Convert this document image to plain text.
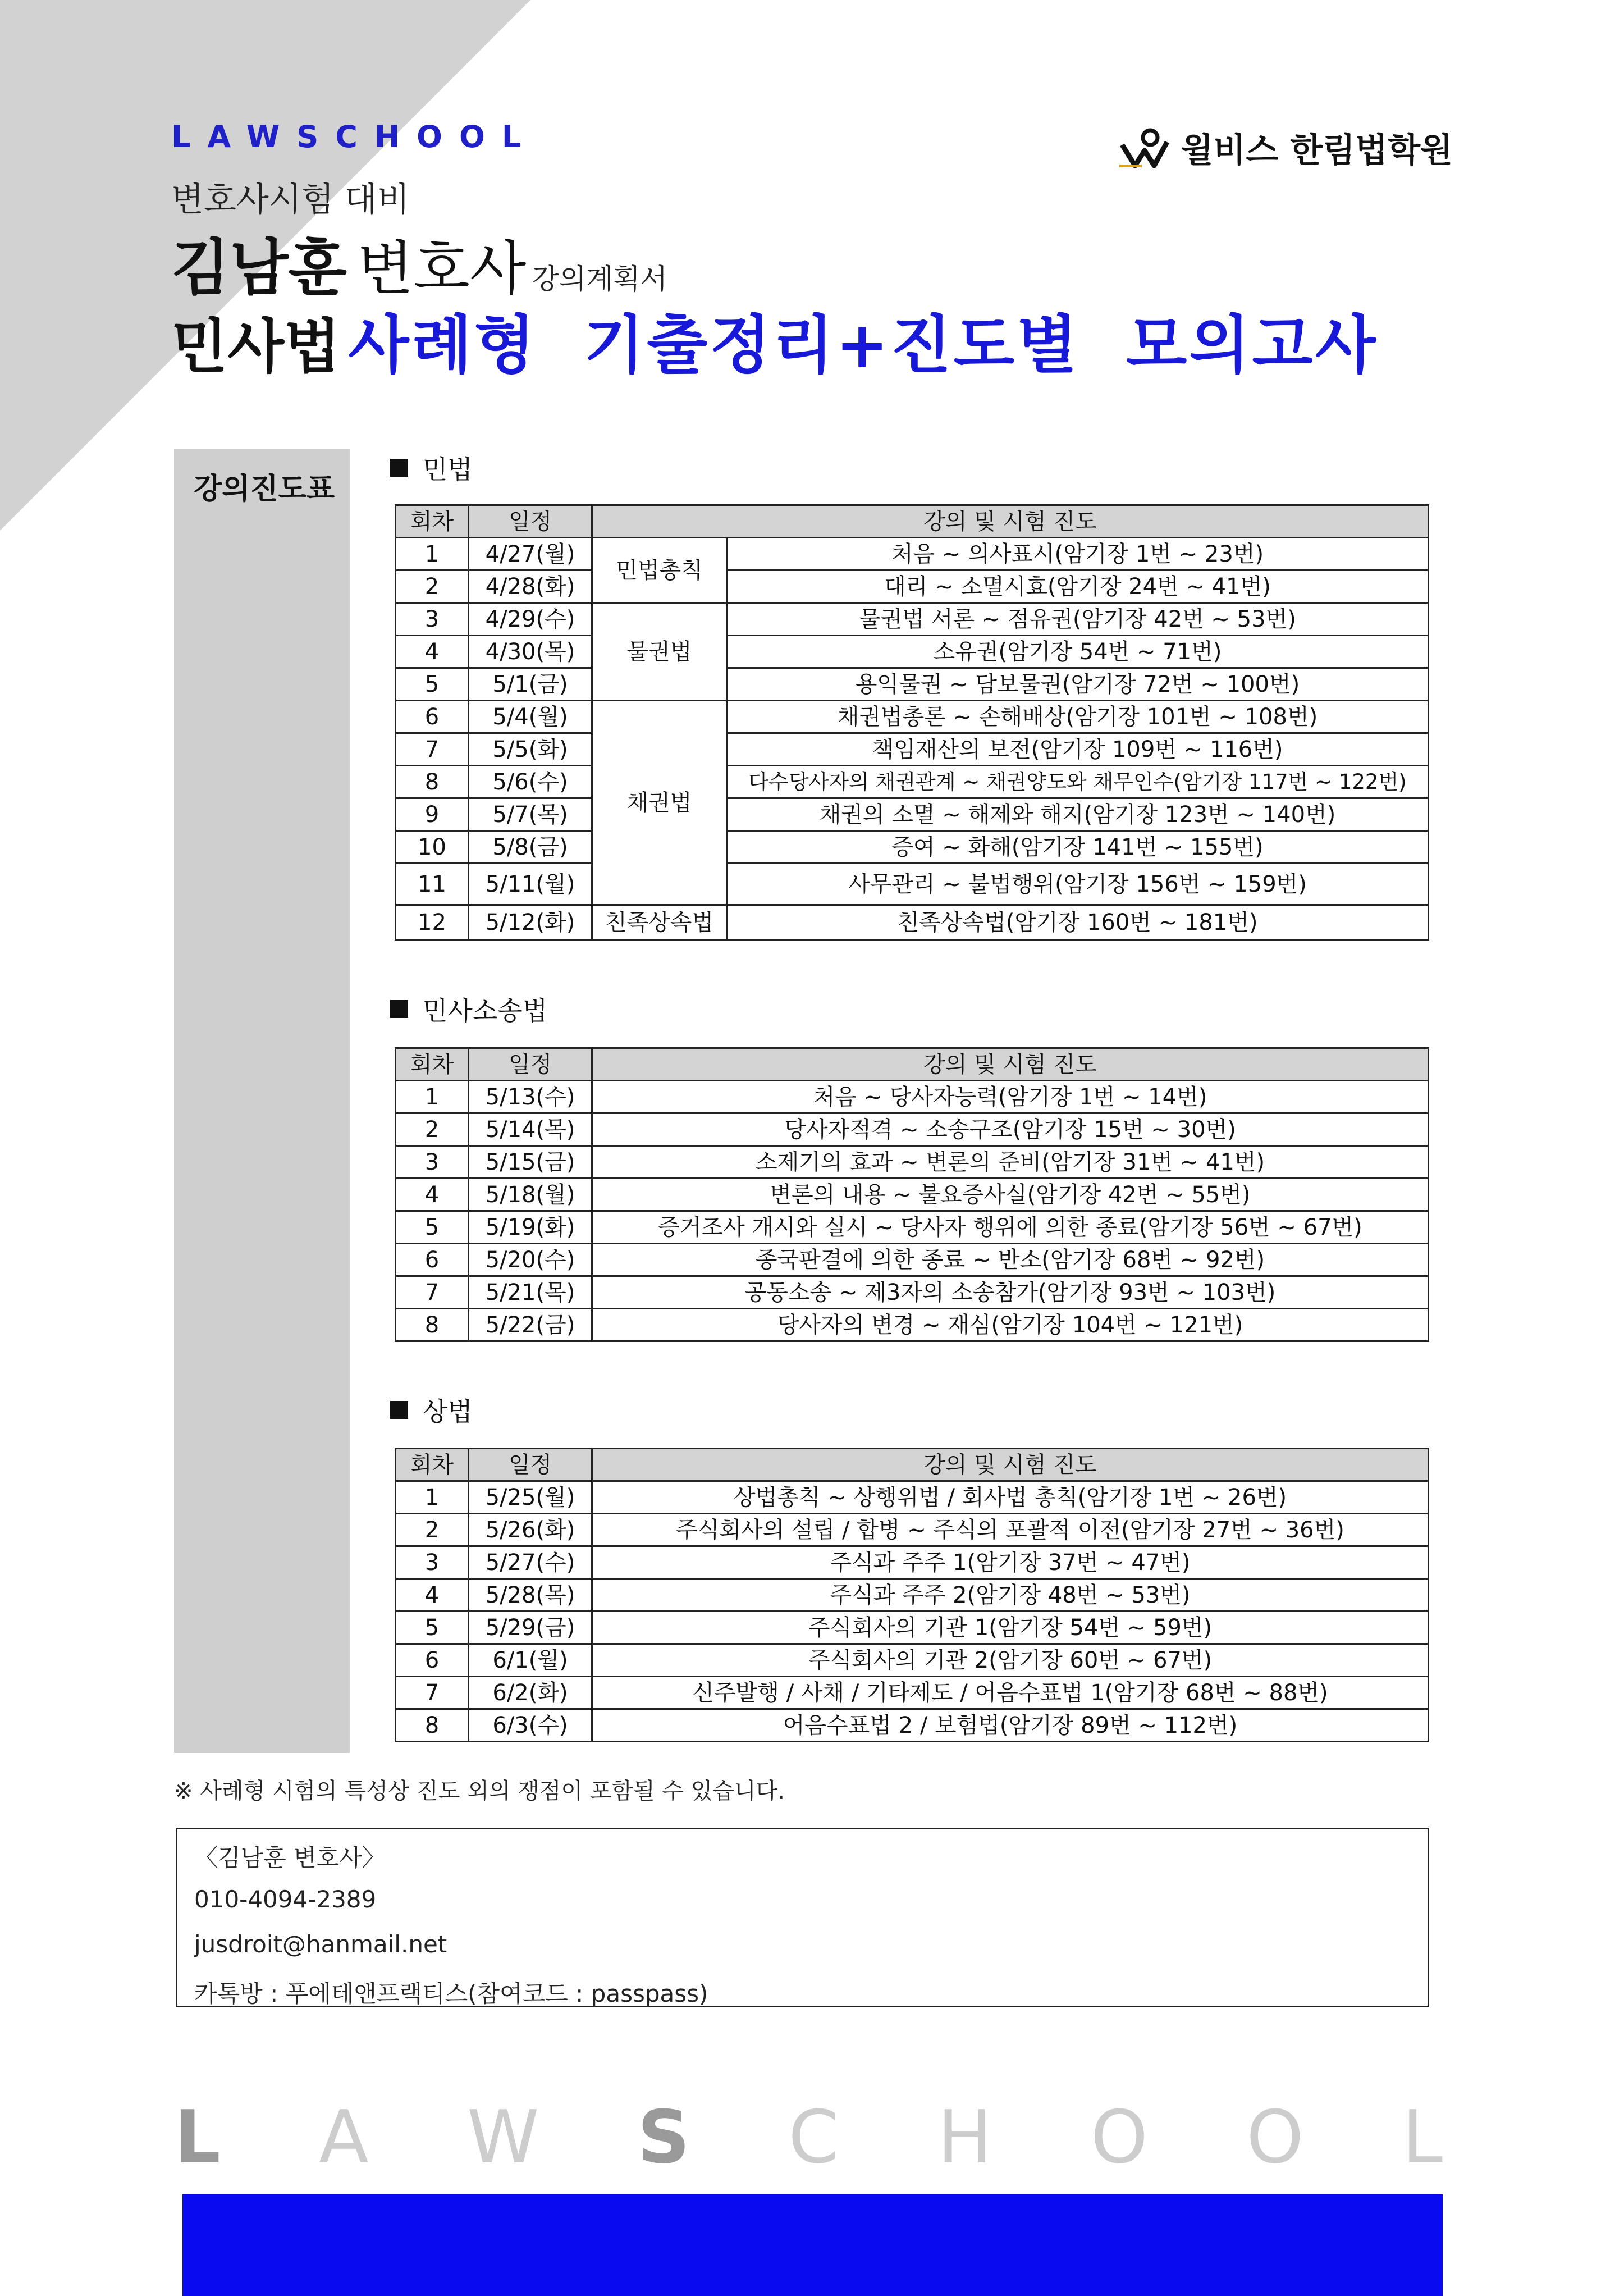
LAWSCHOOL	윌비스 한림법학원
변호사시험 대비
김남훈 변호사 강의계획서
민사법 사례형 기출정리+진도별 모의고사
강의진도표
민법
회차	일정	강의 및 시험 진도	
1	4/27(월)	민법총칙	처음 ~ 의사표시(암기장 1번 ~ 23번)
2	4/28(화)		대리 ~ 소멸시효(암기장 24번 ~ 41번)
3	4/29(수)	물권법	물권법 서론 ~ 점유권(암기장 42번 ~ 53번)
4	4/30(목)		소유권(암기장 54번 ~ 71번)
5	5/1(금)		용익물권 ~ 담보물권(암기장 72번 ~ 100번)
6	5/4(월)	채권법	채권법총론 ~ 손해배상(암기장 101번 ~ 108번)
7	5/5(화)		책임재산의 보전(암기장 109번 ~ 116번)
8	5/6(수)		다수당사자의 채권관계 ~ 채권양도와 채무인수(암기장 117번 ~ 122번)
9	5/7(목)		채권의 소멸 ~ 해제와 해지(암기장 123번 ~ 140번)
10	5/8(금)		증여 ~ 화해(암기장 141번 ~ 155번)
11	5/11(월)		사무관리 ~ 불법행위(암기장 156번 ~ 159번)
12	5/12(화)	친족상속법	친족상속법(암기장 160번 ~ 181번)
민사소송법
회차	일정	강의 및 시험 진도
1	5/13(수)	처음 ~ 당사자능력(암기장 1번 ~ 14번)
2	5/14(목)	당사자적격 ~ 소송구조(암기장 15번 ~ 30번)
3	5/15(금)	소제기의 효과 ~ 변론의 준비(암기장 31번 ~ 41번)
4	5/18(월)	변론의 내용 ~ 불요증사실(암기장 42번 ~ 55번)
5	5/19(화)	증거조사 개시와 실시 ~ 당사자 행위에 의한 종료(암기장 56번 ~ 67번)
6	5/20(수)	종국판결에 의한 종료 ~ 반소(암기장 68번 ~ 92번)
7	5/21(목)	공동소송 ~ 제3자의 소송참가(암기장 93번 ~ 103번)
8	5/22(금)	당사자의 변경 ~ 재심(암기장 104번 ~ 121번)
상법
회차	일정	강의 및 시험 진도
1	5/25(월)	상법총칙 ~ 상행위법 / 회사법 총칙(암기장 1번 ~ 26번)
2	5/26(화)	주식회사의 설립 / 합병 ~ 주식의 포괄적 이전(암기장 27번 ~ 36번)
3	5/27(수)	주식과 주주 1(암기장 37번 ~ 47번)
4	5/28(목)	주식과 주주 2(암기장 48번 ~ 53번)
5	5/29(금)	주식회사의 기관 1(암기장 54번 ~ 59번)
6	6/1(월)	주식회사의 기관 2(암기장 60번 ~ 67번)
7	6/2(화)	신주발행 / 사채 / 기타제도 / 어음수표법 1(암기장 68번 ~ 88번)
8	6/3(수)	어음수표법 2 / 보험법(암기장 89번 ~ 112번)
※ 사례형 시험의 특성상 진도 외의 쟁점이 포함될 수 있습니다.
〈김남훈 변호사〉
010-4094-2389
jusdroit@hanmail.net
카톡방 : 푸에테앤프랙티스(참여코드 : passpass)
L A W S C H O O L
